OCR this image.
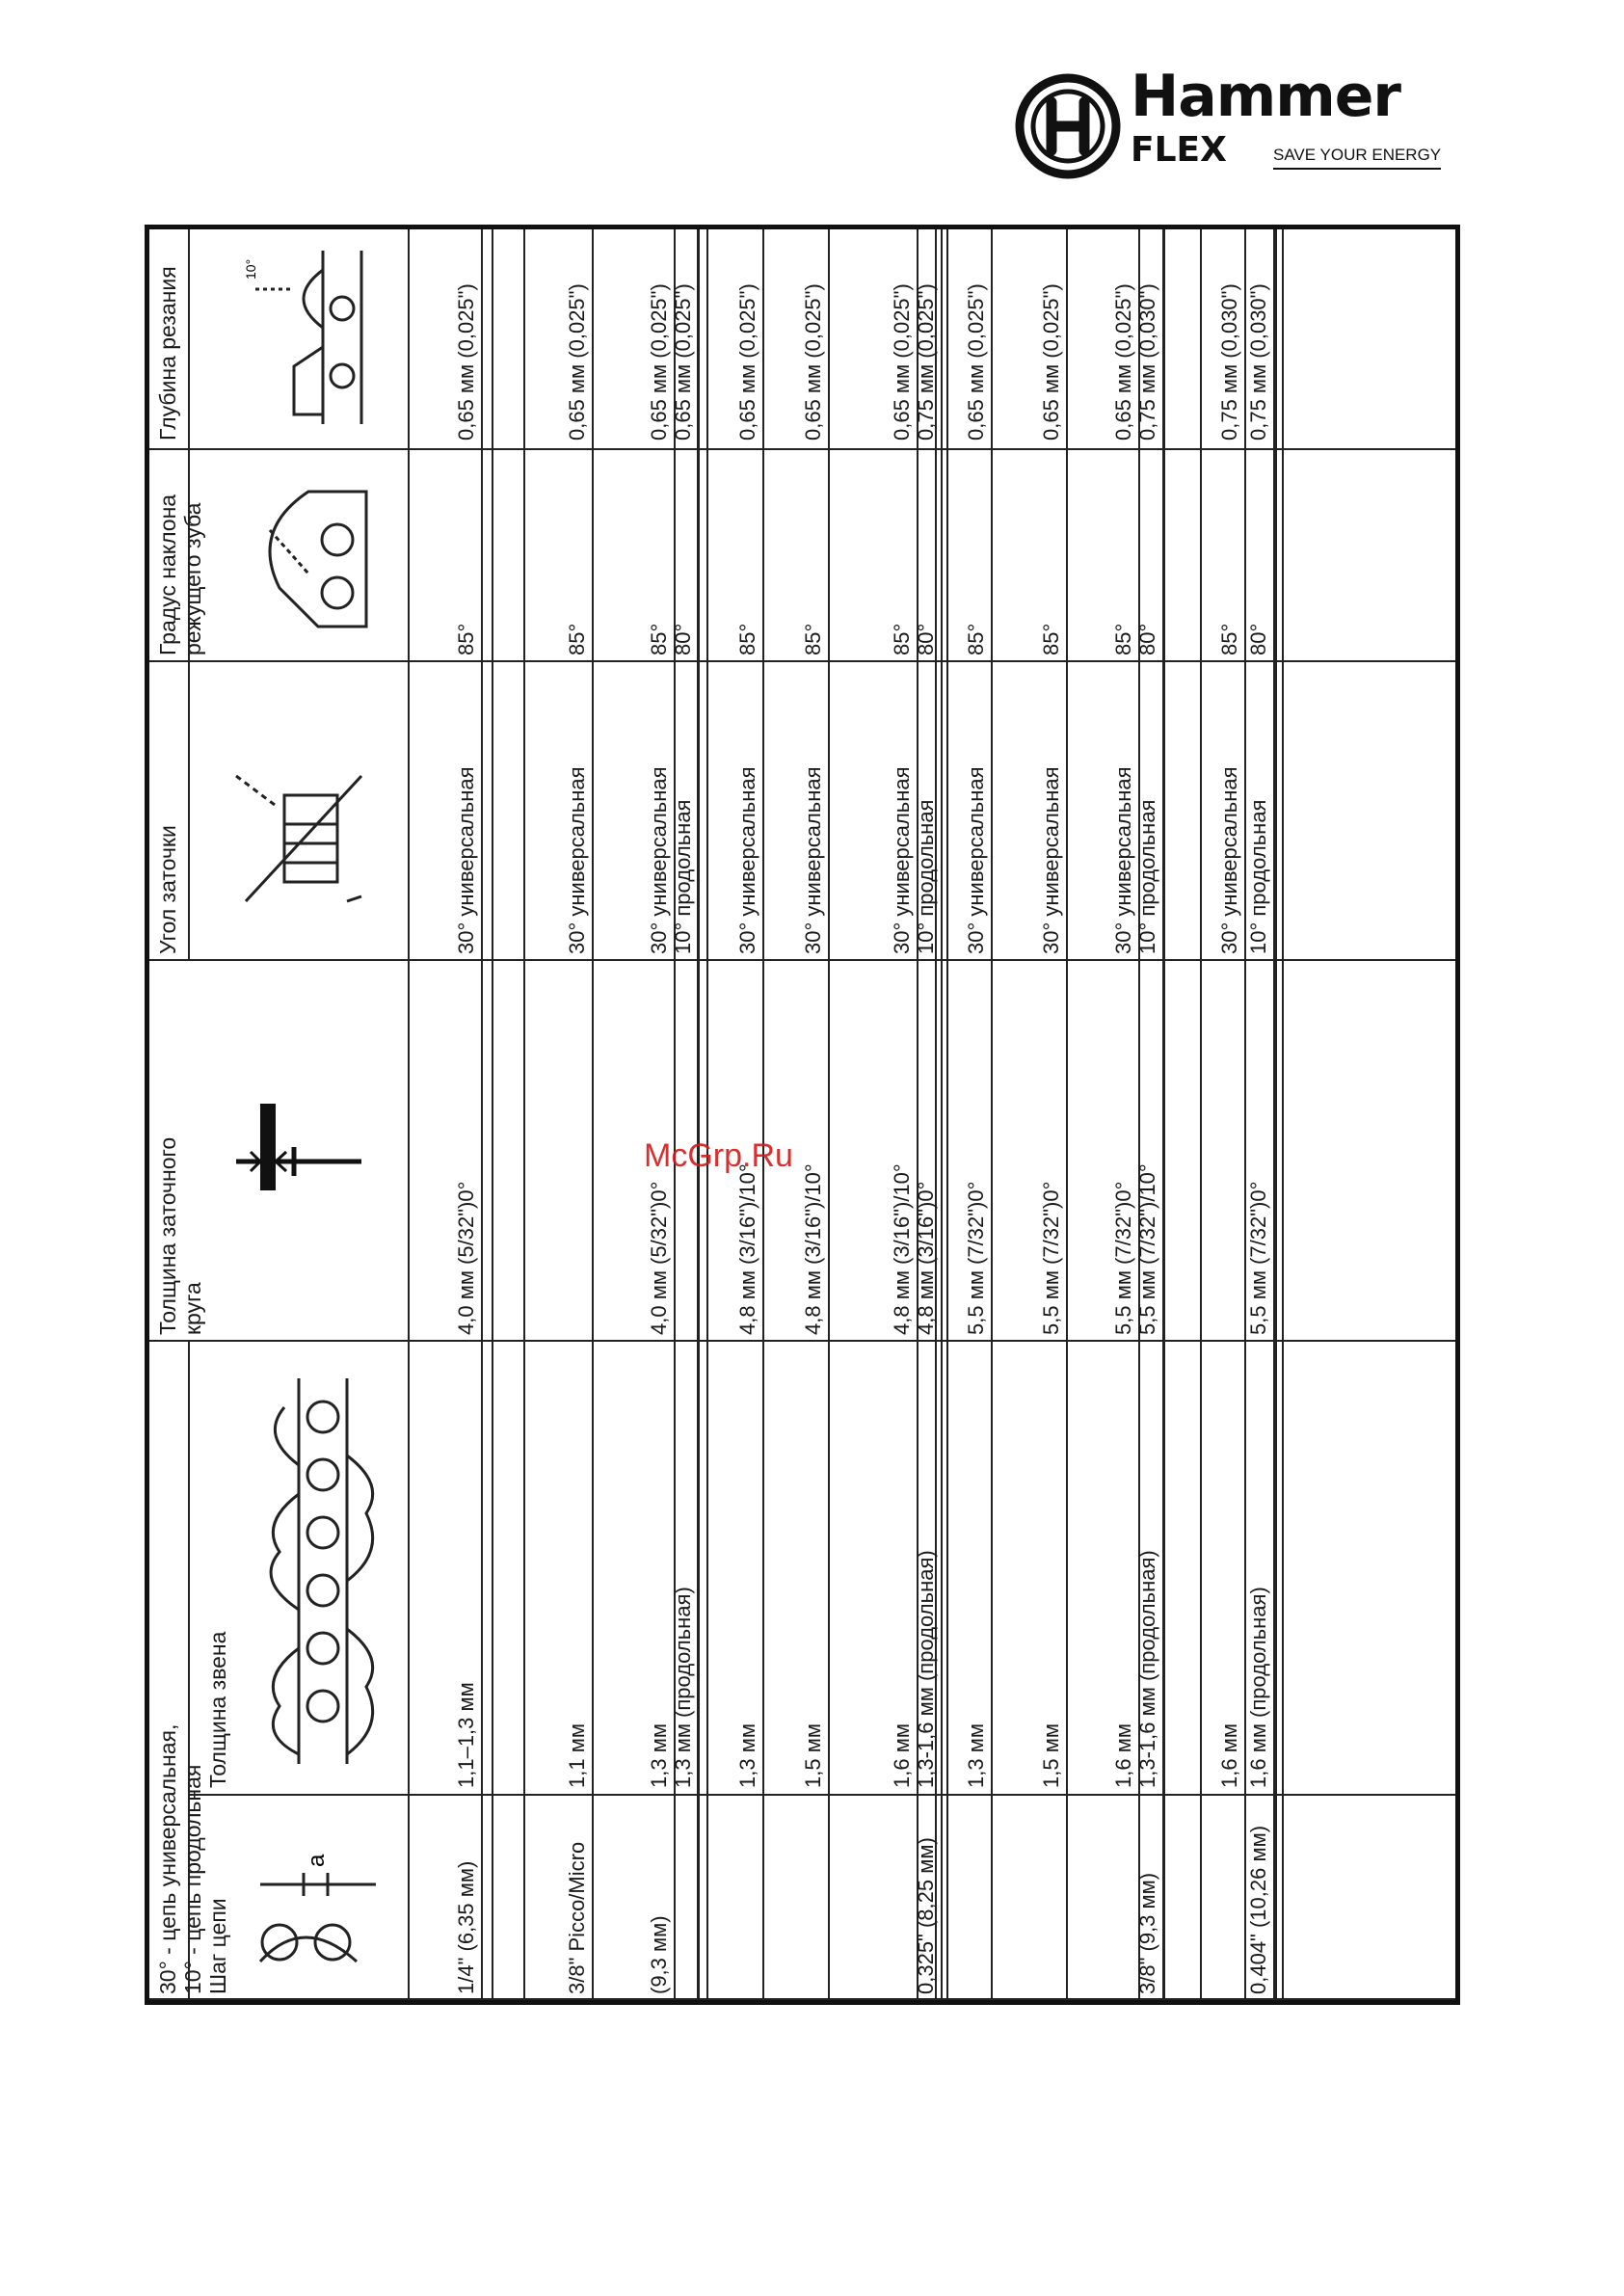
Hammer
FLEX	SAVE YOUR ENERGY
30° - цепь универсальная,
10° - цепь продольная
Шаг цепи
Толщина звена
Толщина заточного
круга
Угол заточки
Градус наклона
режущего зуба
Глубина резания
a
10°
1/4" (6,35 мм)
1,1–1,3 мм
4,0 мм (5/32")0°
30° универсальная
85°
0,65 мм (0,025")
3/8" Picco/Micro
1,1 мм
30° универсальная
85°
0,65 мм (0,025")
(9,3 мм)
1,3 мм
4,0 мм (5/32")0°
30° универсальная
85°
0,65 мм (0,025")
1,3 мм (продольная)
10° продольная
80°
0,65 мм (0,025")
1,3 мм
4,8 мм (3/16")/10°
30° универсальная
85°
0,65 мм (0,025")
1,5 мм
4,8 мм (3/16")/10°
30° универсальная
85°
0,65 мм (0,025")
1,6 мм
4,8 мм (3/16")/10°
30° универсальная
85°
0,65 мм (0,025")
0,325" (8,25 мм)
1,3-1,6 мм (продольная)
4,8 мм (3/16")0°
10° продольная
80°
0,75 мм (0,025")
1,3 мм
5,5 мм (7/32")0°
30° универсальная
85°
0,65 мм (0,025")
1,5 мм
5,5 мм (7/32")0°
30° универсальная
85°
0,65 мм (0,025")
1,6 мм
5,5 мм (7/32")0°
30° универсальная
85°
0,65 мм (0,025")
3/8" (9,3 мм)
1,3-1,6 мм (продольная)
5,5 мм (7/32")/10°
10° продольная
80°
0,75 мм (0,030")
1,6 мм
30° универсальная
85°
0,75 мм (0,030")
0,404" (10,26 мм)
1,6 мм (продольная)
5,5 мм (7/32")0°
10° продольная
80°
0,75 мм (0,030")
McGrp.Ru
